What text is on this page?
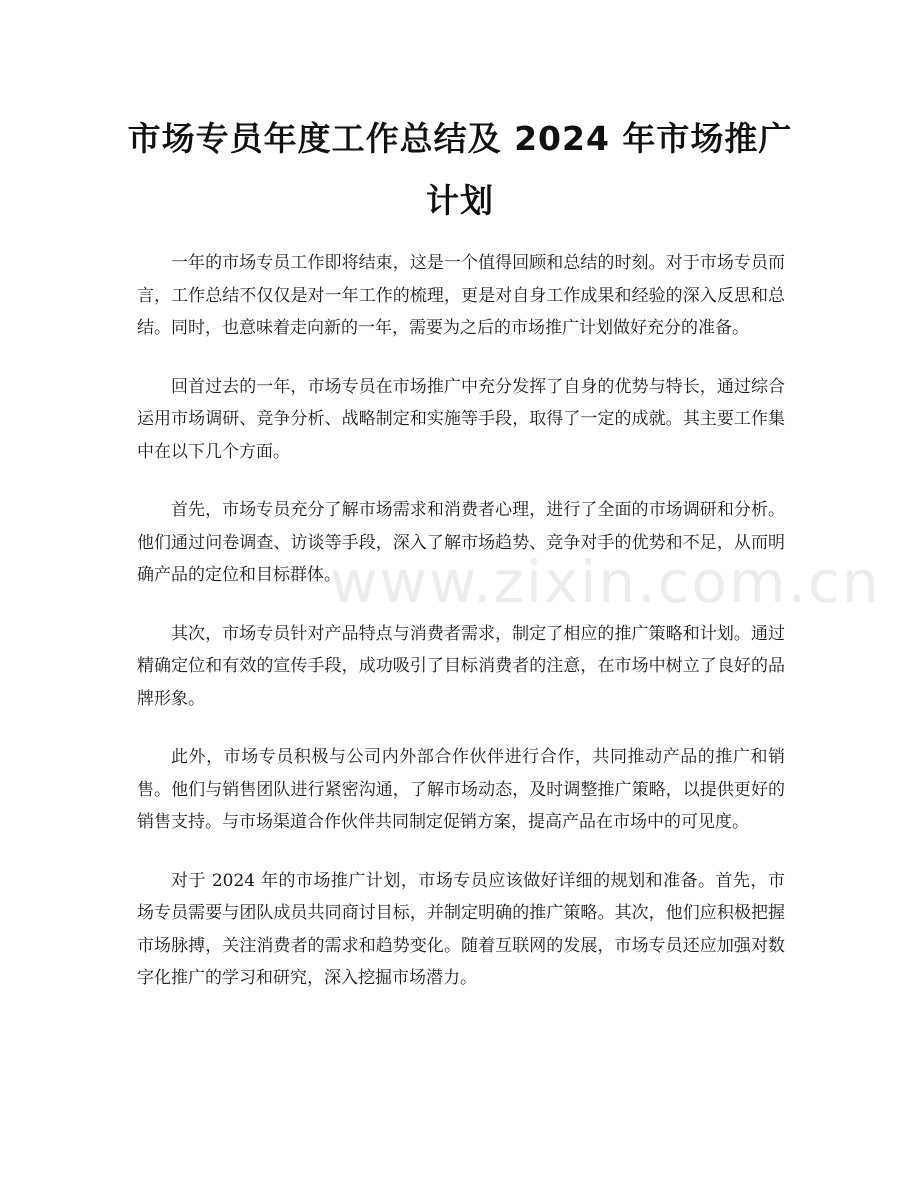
市场专员年度工作总结及 2024 年市场推广计划

一年的市场专员工作即将结束，这是一个值得回顾和总结的时刻。对于市场专员而言，工作总结不仅仅是对一年工作的梳理，更是对自身工作成果和经验的深入反思和总结。同时，也意味着走向新的一年，需要为之后的市场推广计划做好充分的准备。

回首过去的一年，市场专员在市场推广中充分发挥了自身的优势与特长，通过综合运用市场调研、竞争分析、战略制定和实施等手段，取得了一定的成就。其主要工作集中在以下几个方面。

首先，市场专员充分了解市场需求和消费者心理，进行了全面的市场调研和分析。他们通过问卷调查、访谈等手段，深入了解市场趋势、竞争对手的优势和不足，从而明确产品的定位和目标群体。

其次，市场专员针对产品特点与消费者需求，制定了相应的推广策略和计划。通过精确定位和有效的宣传手段，成功吸引了目标消费者的注意，在市场中树立了良好的品牌形象。

此外，市场专员积极与公司内外部合作伙伴进行合作，共同推动产品的推广和销售。他们与销售团队进行紧密沟通，了解市场动态，及时调整推广策略，以提供更好的销售支持。与市场渠道合作伙伴共同制定促销方案，提高产品在市场中的可见度。

对于 2024 年的市场推广计划，市场专员应该做好详细的规划和准备。首先，市场专员需要与团队成员共同商讨目标，并制定明确的推广策略。其次，他们应积极把握市场脉搏，关注消费者的需求和趋势变化。随着互联网的发展，市场专员还应加强对数字化推广的学习和研究，深入挖掘市场潜力。

www.zixin.com.cn
